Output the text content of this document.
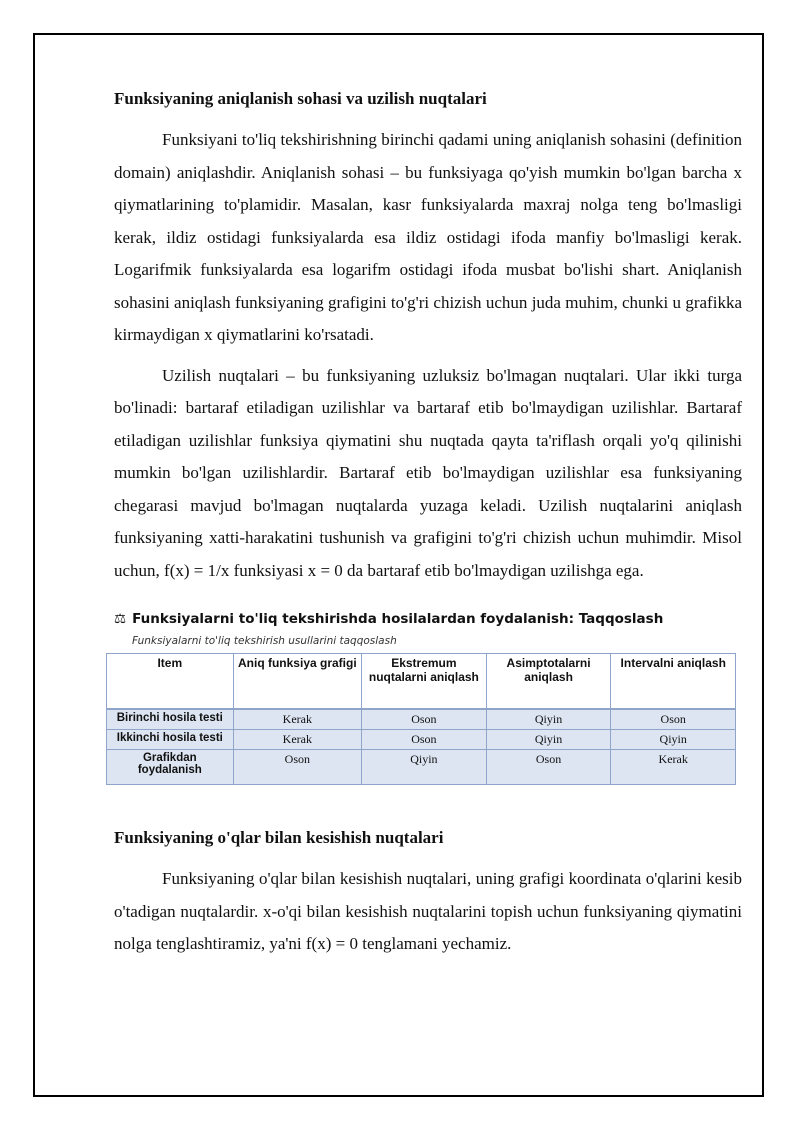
Funksiyaning aniqlanish sohasi va uzilish nuqtalari

Funksiyani to'liq tekshirishning birinchi qadami uning aniqlanish sohasini (definition domain) aniqlashdir. Aniqlanish sohasi – bu funksiyaga qo'yish mumkin bo'lgan barcha x qiymatlarining to'plamidir. Masalan, kasr funksiyalarda maxraj nolga teng bo'lmasligi kerak, ildiz ostidagi funksiyalarda esa ildiz ostidagi ifoda manfiy bo'lmasligi kerak. Logarifmik funksiyalarda esa logarifm ostidagi ifoda musbat bo'lishi shart. Aniqlanish sohasini aniqlash funksiyaning grafigini to'g'ri chizish uchun juda muhim, chunki u grafikka kirmaydigan x qiymatlarini ko'rsatadi.

Uzilish nuqtalari – bu funksiyaning uzluksiz bo'lmagan nuqtalari. Ular ikki turga bo'linadi: bartaraf etiladigan uzilishlar va bartaraf etib bo'lmaydigan uzilishlar. Bartaraf etiladigan uzilishlar funksiya qiymatini shu nuqtada qayta ta'riflash orqali yo'q qilinishi mumkin bo'lgan uzilishlardir. Bartaraf etib bo'lmaydigan uzilishlar esa funksiyaning chegarasi mavjud bo'lmagan nuqtalarda yuzaga keladi. Uzilish nuqtalarini aniqlash funksiyaning xatti-harakatini tushunish va grafigini to'g'ri chizish uchun muhimdir. Misol uchun, f(x) = 1/x funksiyasi x = 0 da bartaraf etib bo'lmaydigan uzilishga ega.

⚖ Funksiyalarni to'liq tekshirishda hosilalardan foydalanish: Taqqoslash
Funksiyalarni to'liq tekshirish usullarini taqqoslash
Item	Aniq funksiya grafigi	Ekstremum nuqtalarni aniqlash	Asimptotalarni aniqlash	Intervalni aniqlash
Birinchi hosila testi	Kerak	Oson	Qiyin	Oson
Ikkinchi hosila testi	Kerak	Oson	Qiyin	Qiyin
Grafikdan foydalanish	Oson	Qiyin	Oson	Kerak
Funksiyaning o'qlar bilan kesishish nuqtalari

Funksiyaning o'qlar bilan kesishish nuqtalari, uning grafigi koordinata o'qlarini kesib o'tadigan nuqtalardir. x-o'qi bilan kesishish nuqtalarini topish uchun funksiyaning qiymatini nolga tenglashtiramiz, ya'ni f(x) = 0 tenglamani yechamiz.
